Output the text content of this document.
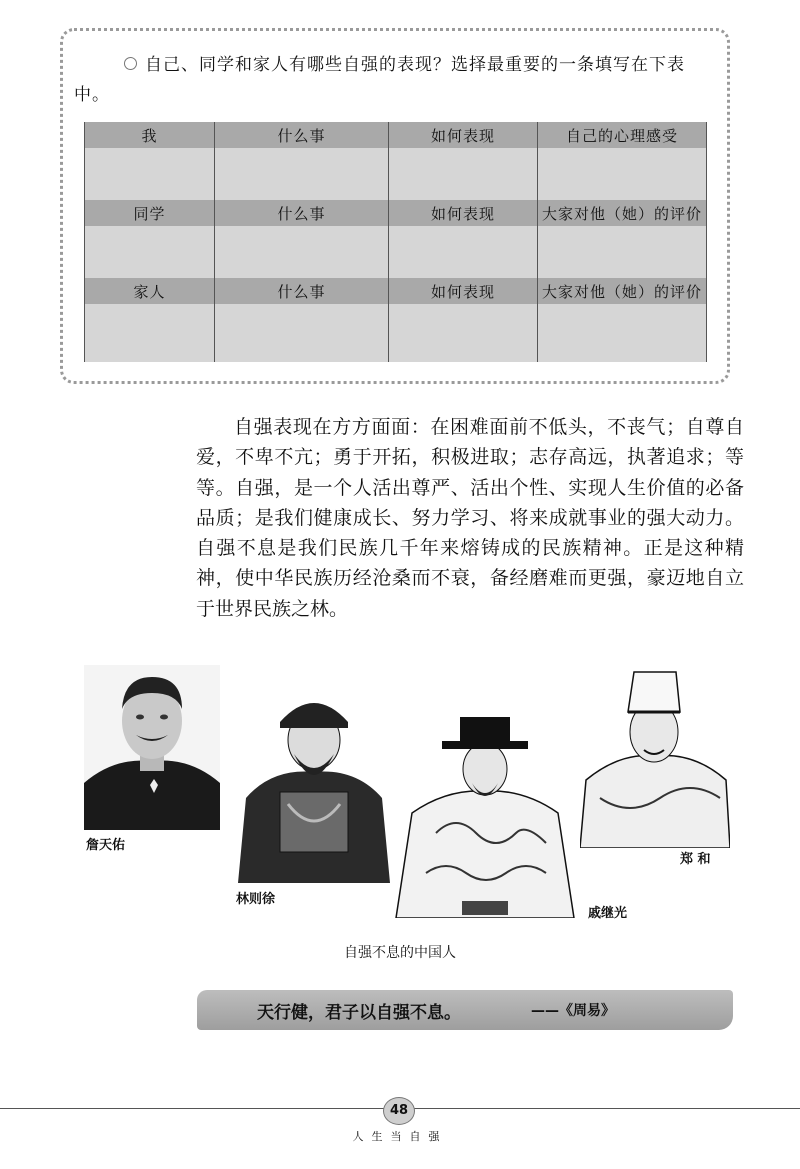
自己、同学和家人有哪些自强的表现？选择最重要的一条填写在下表中。
我	什么事	如何表现	自己的心理感受

同学	什么事	如何表现	大家对他（她）的评价

家人	什么事	如何表现	大家对他（她）的评价

自强表现在方方面面：在困难面前不低头，不丧气；自尊自爱，不卑不亢；勇于开拓，积极进取；志存高远，执著追求；等等。自强，是一个人活出尊严、活出个性、实现人生价值的必备品质；是我们健康成长、努力学习、将来成就事业的强大动力。自强不息是我们民族几千年来熔铸成的民族精神。正是这种精神，使中华民族历经沧桑而不衰，备经磨难而更强，豪迈地自立于世界民族之林。

詹天佑
林则徐
戚继光
郑 和
自强不息的中国人
天行健，君子以自强不息。	——《周易》
48
人生当自强
